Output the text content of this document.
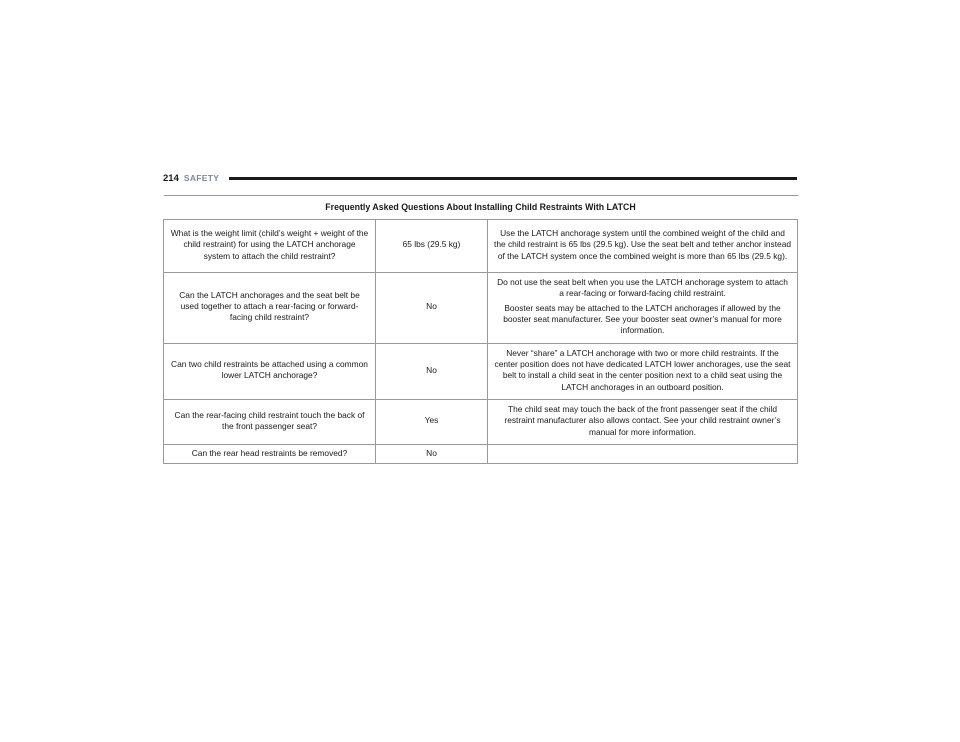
214 SAFETY
Frequently Asked Questions About Installing Child Restraints With LATCH		
What is the weight limit (child’s weight + weight of the child restraint) for using the LATCH anchorage system to attach the child restraint?	65 lbs (29.5 kg)	Use the LATCH anchorage system until the combined weight of the child and the child restraint is 65 lbs (29.5 kg). Use the seat belt and tether anchor instead of the LATCH system once the combined weight is more than 65 lbs (29.5 kg).

Can the LATCH anchorages and the seat belt be used together to attach a rear-facing or forward-facing child restraint?	No	Do not use the seat belt when you use the LATCH anchorage system to attach a rear-facing or forward-facing child restraint.

Booster seats may be attached to the LATCH anchorages if allowed by the booster seat manufacturer. See your booster seat owner’s manual for more information.

Can two child restraints be attached using a common lower LATCH anchorage?	No	Never “share” a LATCH anchorage with two or more child restraints. If the center position does not have dedicated LATCH lower anchorages, use the seat belt to install a child seat in the center position next to a child seat using the LATCH anchorages in an outboard position.

Can the rear-facing child restraint touch the back of the front passenger seat?	Yes	The child seat may touch the back of the front passenger seat if the child restraint manufacturer also allows contact. See your child restraint owner’s manual for more information.

Can the rear head restraints be removed?	No	
